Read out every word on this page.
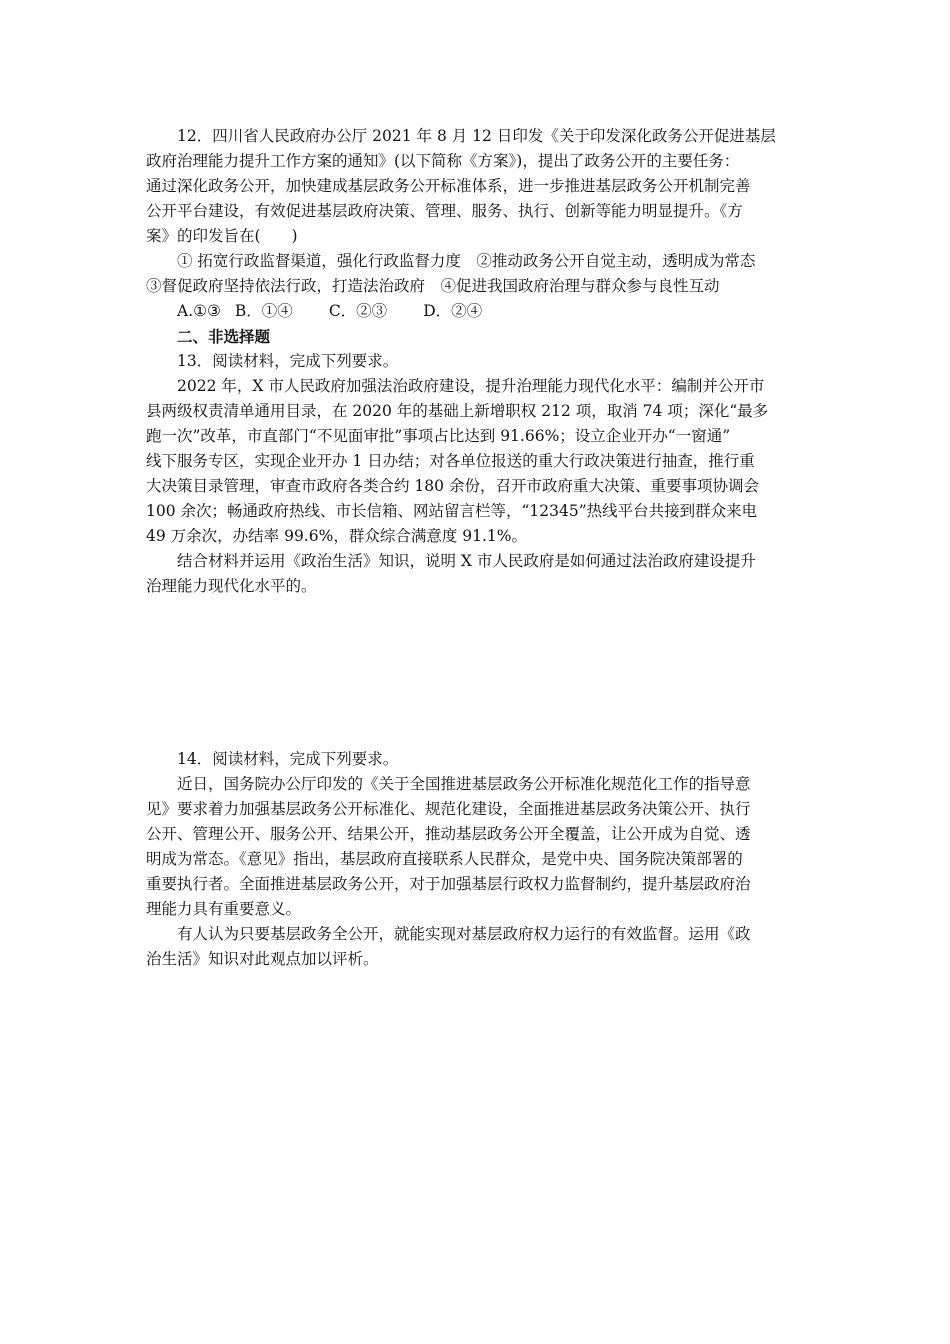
12．四川省人民政府办公厅 2021 年 8 月 12 日印发《关于印发深化政务公开促进基层
政府治理能力提升工作方案的通知》(以下简称《方案》)，提出了政务公开的主要任务：
通过深化政务公开，加快建成基层政务公开标准体系，进一步推进基层政务公开机制完善
公开平台建设，有效促进基层政府决策、管理、服务、执行、创新等能力明显提升。《方
案》的印发旨在(　　)
① 拓宽行政监督渠道，强化行政监督力度　②推动政务公开自觉主动，透明成为常态
③督促政府坚持依法行政，打造法治政府　④促进我国政府治理与群众参与良性互动
A.①③ B．①④ C．②③ D．②④
二、非选择题
13．阅读材料，完成下列要求。
2022 年，X 市人民政府加强法治政府建设，提升治理能力现代化水平：编制并公开市
县两级权责清单通用目录，在 2020 年的基础上新增职权 212 项，取消 74 项；深化“最多
跑一次”改革，市直部门“不见面审批”事项占比达到 91.66%；设立企业开办“一窗通”
线下服务专区，实现企业开办 1 日办结；对各单位报送的重大行政决策进行抽查，推行重
大决策目录管理，审查市政府各类合约 180 余份，召开市政府重大决策、重要事项协调会
100 余次；畅通政府热线、市长信箱、网站留言栏等，“12345”热线平台共接到群众来电
49 万余次，办结率 99.6%，群众综合满意度 91.1%。
结合材料并运用《政治生活》知识，说明 X 市人民政府是如何通过法治政府建设提升
治理能力现代化水平的。
14．阅读材料，完成下列要求。
近日，国务院办公厅印发的《关于全国推进基层政务公开标准化规范化工作的指导意
见》要求着力加强基层政务公开标准化、规范化建设，全面推进基层政务决策公开、执行
公开、管理公开、服务公开、结果公开，推动基层政务公开全覆盖，让公开成为自觉、透
明成为常态。《意见》指出，基层政府直接联系人民群众，是党中央、国务院决策部署的
重要执行者。全面推进基层政务公开，对于加强基层行政权力监督制约，提升基层政府治
理能力具有重要意义。
有人认为只要基层政务全公开，就能实现对基层政府权力运行的有效监督。运用《政
治生活》知识对此观点加以评析。
